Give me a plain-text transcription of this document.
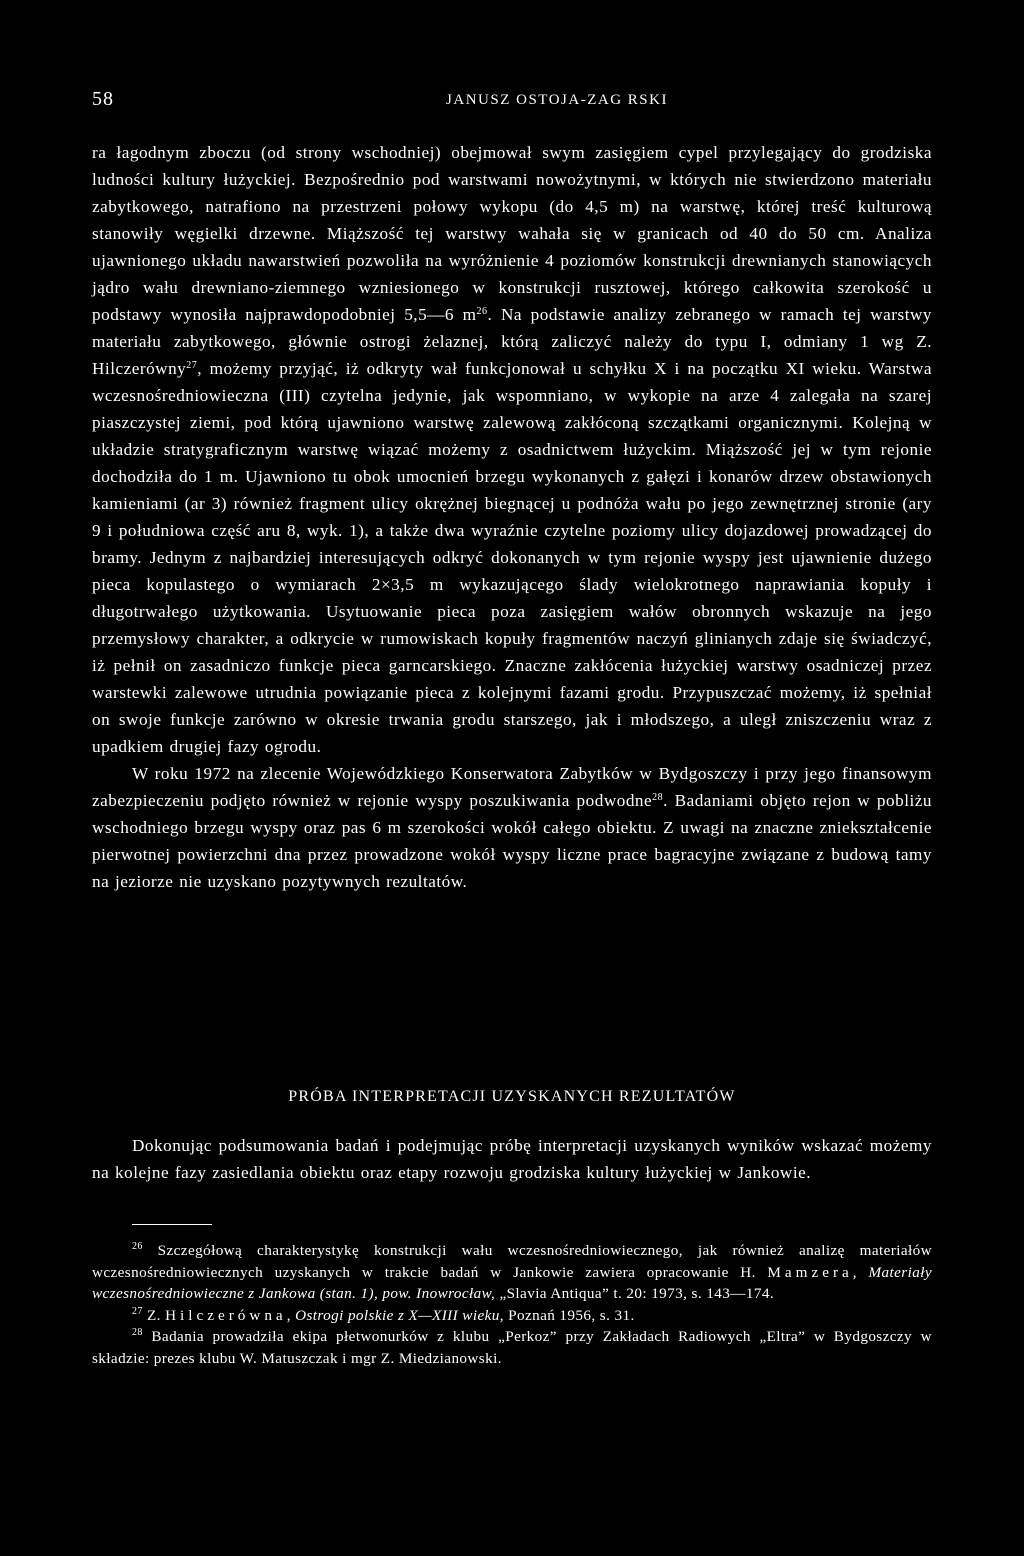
58	JANUSZ OSTOJA-ZAG RSKI

ra łagodnym zboczu (od strony wschodniej) obejmował swym zasięgiem cypel przylegający do grodziska ludności kultury łużyckiej. Bezpośrednio pod warstwami nowożytnymi, w których nie stwierdzono materiału zabytkowego, natrafiono na przestrzeni połowy wykopu (do 4,5 m) na warstwę, której treść kulturową stanowiły węgielki drzewne. Miąższość tej warstwy wahała się w granicach od 40 do 50 cm. Analiza ujawnionego układu nawarstwień pozwoliła na wyróżnienie 4 poziomów konstrukcji drewnianych stanowiących jądro wału drewniano-ziemnego wzniesionego w konstrukcji rusztowej, którego całkowita szerokość u podstawy wynosiła najprawdopodobniej 5,5—6 $m^{26}$. Na podstawie analizy zebranego w ramach tej warstwy materiału zabytkowego, głównie ostrogi żelaznej, którą zaliczyć należy do typu I, odmiany 1 wg Z. Hilczerówny$^{27}$, możemy przyjąć, iż odkryty wał funkcjonował u schyłku X i na początku XI wieku. Warstwa wczesnośredniowieczna (III) czytelna jedynie, jak wspomniano, w wykopie na arze 4 zalegała na szarej piaszczystej ziemi, pod którą ujawniono warstwę zalewową zakłóconą szczątkami organicznymi. Kolejną w układzie stratygraficznym warstwę wiązać możemy z osadnictwem łużyckim. Miąższość jej w tym rejonie dochodziła do 1 m. Ujawniono tu obok umocnień brzegu wykonanych z gałęzi i konarów drzew obstawionych kamieniami (ar 3) również fragment ulicy okrężnej biegnącej u podnóża wału po jego zewnętrznej stronie (ary 9 i południowa część aru 8, wyk. 1), a także dwa wyraźnie czytelne poziomy ulicy dojazdowej prowadzącej do bramy. Jednym z najbardziej interesujących odkryć dokonanych w tym rejonie wyspy jest ujawnienie dużego pieca kopulastego o wymiarach 2×3,5 m wykazującego ślady wielokrotnego naprawiania kopuły i długotrwałego użytkowania. Usytuowanie pieca poza zasięgiem wałów obronnych wskazuje na jego przemysłowy charakter, a odkrycie w rumowiskach kopuły fragmentów naczyń glinianych zdaje się świadczyć, iż pełnił on zasadniczo funkcje pieca garncarskiego. Znaczne zakłócenia łużyckiej warstwy osadniczej przez warstewki zalewowe utrudnia powiązanie pieca z kolejnymi fazami grodu. Przypuszczać możemy, iż spełniał on swoje funkcje zarówno w okresie trwania grodu starszego, jak i młodszego, a uległ zniszczeniu wraz z upadkiem drugiej fazy ogrodu.

W roku 1972 na zlecenie Wojewódzkiego Konserwatora Zabytków w Bydgoszczy i przy jego finansowym zabezpieczeniu podjęto również w rejonie wyspy poszukiwania podwodne$^{28}$. Badaniami objęto rejon w pobliżu wschodniego brzegu wyspy oraz pas 6 m szerokości wokół całego obiektu. Z uwagi na znaczne zniekształcenie pierwotnej powierzchni dna przez prowadzone wokół wyspy liczne prace bagracyjne związane z budową tamy na jeziorze nie uzyskano pozytywnych rezultatów.

PRÓBA INTERPRETACJI UZYSKANYCH REZULTATÓW

Dokonując podsumowania badań i podejmując próbę interpretacji uzyskanych wyników wskazać możemy na kolejne fazy zasiedlania obiektu oraz etapy rozwoju grodziska kultury łużyckiej w Jankowie.

$^{26}$ Szczegółową charakterystykę konstrukcji wału wczesnośredniowiecznego, jak również analizę materiałów wczesnośredniowiecznych uzyskanych w trakcie badań w Jankowie zawiera opracowanie H. Mamzera, Materiały wczesnośredniowieczne z Jankowa (stan. 1), pow. Inowrocław, „Slavia Antiqua” t. 20: 1973, s. 143—174.

$^{27}$ Z. Hilczerówna, Ostrogi polskie z X—XIII wieku, Poznań 1956, s. 31.

$^{28}$ Badania prowadziła ekipa płetwonurków z klubu „Perkoz” przy Zakładach Radiowych „Eltra” w Bydgoszczy w składzie: prezes klubu W. Matuszczak i mgr Z. Miedzianowski.
